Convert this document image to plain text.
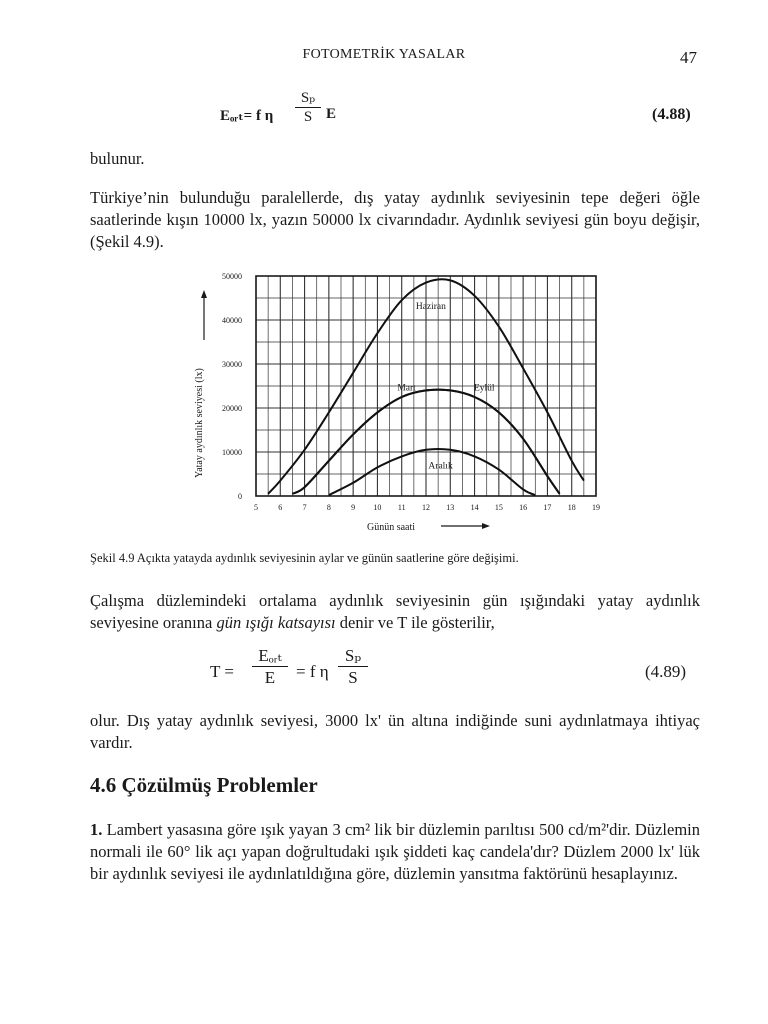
FOTOMETRİK YASALAR	47
Eₒᵣₜ= f η $\frac{\text{Sₚ}}{S}$ E	(4.88)
bulunur.
Türkiye’nin bulunduğu paralellerde, dış yatay aydınlık seviyesinin tepe değeri öğle saatlerinde kışın 10000 lx, yazın 50000 lx civarındadır. Aydınlık seviyesi gün boyu değişir, (Şekil 4.9).
Haziran
Mart	Eylül
Aralık
0
10000
20000
30000
40000
50000
5	6	7	8	9 10 11 12 13 14 15 16 17 18 19
Yatay aydınlık seviyesi (lx)
Günün saati
Şekil 4.9 Açıkta yatayda aydınlık seviyesinin aylar ve günün saatlerine göre değişimi.
Çalışma düzlemindeki ortalama aydınlık seviyesinin gün ışığındaki yatay aydınlık seviyesine oranına gün ışığı katsayısı denir ve T ile gösterilir,
T =
Eₒᵣₜ
E	= f η $\frac{\text{Sₚ}}{S}$	(4.89)
olur. Dış yatay aydınlık seviyesi, 3000 lx' ün altına indiğinde suni aydınlatmaya ihtiyaç vardır.
4.6 Çözülmüş Problemler
1. Lambert yasasına göre ışık yayan 3 cm² lik bir düzlemin parıltısı 500 cd/m²'dir. Düzlemin normali ile 60° lik açı yapan doğrultudaki ışık şiddeti kaç candela'dır? Düzlem 2000 lx' lük bir aydınlık seviyesi ile aydınlatıldığına göre, düzlemin yansıtma faktörünü hesaplayınız.
